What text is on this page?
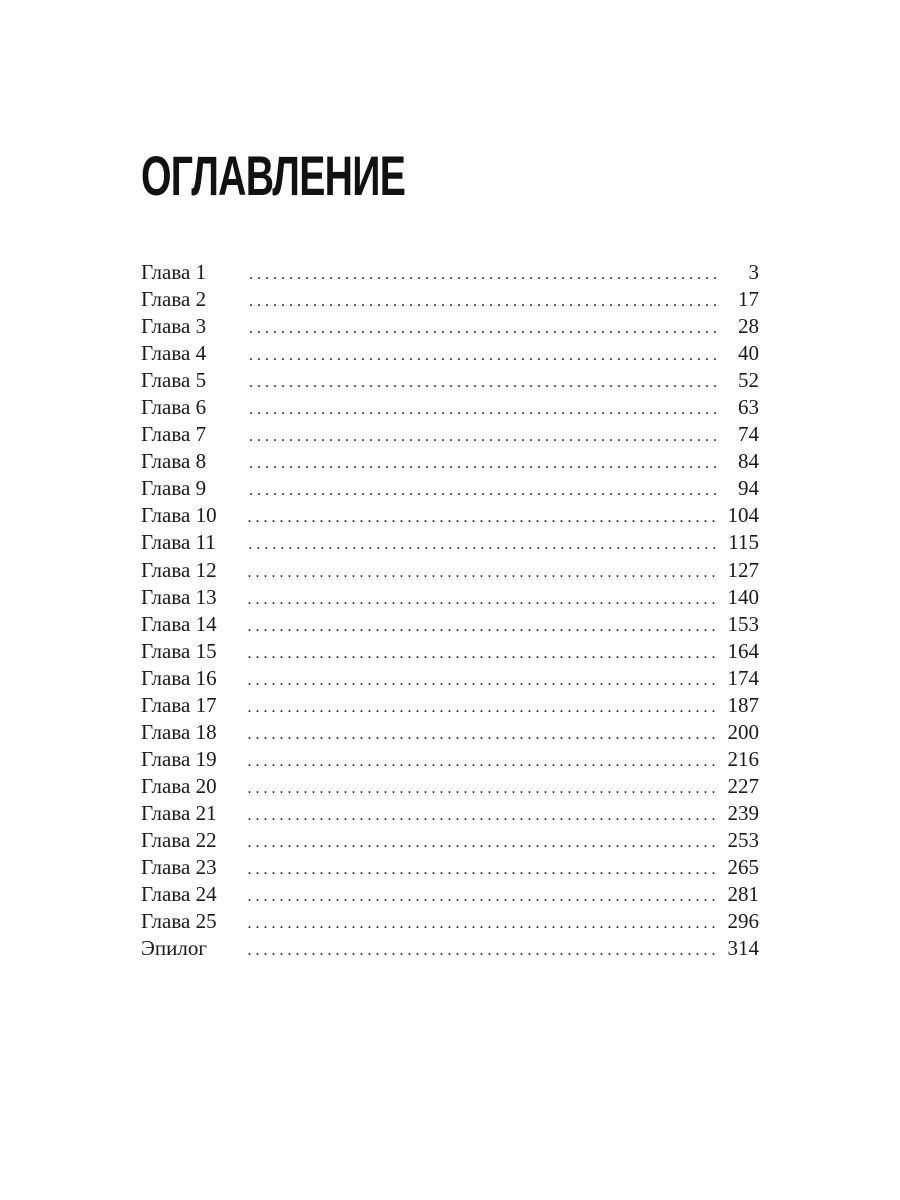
ОГЛАВЛЕНИЕ
Глава 1	. . . . . . . . . . . . . . . . . . . . . . . . . . . . . . . . . . . . . . . . . . . . . . . . . . . . . . . . . . .	3
Глава 2	. . . . . . . . . . . . . . . . . . . . . . . . . . . . . . . . . . . . . . . . . . . . . . . . . . . . . . . . . . .	17
Глава 3	. . . . . . . . . . . . . . . . . . . . . . . . . . . . . . . . . . . . . . . . . . . . . . . . . . . . . . . . . . .	28
Глава 4	. . . . . . . . . . . . . . . . . . . . . . . . . . . . . . . . . . . . . . . . . . . . . . . . . . . . . . . . . . .	40
Глава 5	. . . . . . . . . . . . . . . . . . . . . . . . . . . . . . . . . . . . . . . . . . . . . . . . . . . . . . . . . . .	52
Глава 6	. . . . . . . . . . . . . . . . . . . . . . . . . . . . . . . . . . . . . . . . . . . . . . . . . . . . . . . . . . .	63
Глава 7	. . . . . . . . . . . . . . . . . . . . . . . . . . . . . . . . . . . . . . . . . . . . . . . . . . . . . . . . . . .	74
Глава 8	. . . . . . . . . . . . . . . . . . . . . . . . . . . . . . . . . . . . . . . . . . . . . . . . . . . . . . . . . . .	84
Глава 9	. . . . . . . . . . . . . . . . . . . . . . . . . . . . . . . . . . . . . . . . . . . . . . . . . . . . . . . . . . .	94
Глава 10	. . . . . . . . . . . . . . . . . . . . . . . . . . . . . . . . . . . . . . . . . . . . . . . . . . . . . . . . . . . 104
Глава 11	. . . . . . . . . . . . . . . . . . . . . . . . . . . . . . . . . . . . . . . . . . . . . . . . . . . . . . . . . . . 115
Глава 12	. . . . . . . . . . . . . . . . . . . . . . . . . . . . . . . . . . . . . . . . . . . . . . . . . . . . . . . . . . . 127
Глава 13	. . . . . . . . . . . . . . . . . . . . . . . . . . . . . . . . . . . . . . . . . . . . . . . . . . . . . . . . . . . 140
Глава 14	. . . . . . . . . . . . . . . . . . . . . . . . . . . . . . . . . . . . . . . . . . . . . . . . . . . . . . . . . . . 153
Глава 15	. . . . . . . . . . . . . . . . . . . . . . . . . . . . . . . . . . . . . . . . . . . . . . . . . . . . . . . . . . . 164
Глава 16	. . . . . . . . . . . . . . . . . . . . . . . . . . . . . . . . . . . . . . . . . . . . . . . . . . . . . . . . . . . 174
Глава 17	. . . . . . . . . . . . . . . . . . . . . . . . . . . . . . . . . . . . . . . . . . . . . . . . . . . . . . . . . . . 187
Глава 18	. . . . . . . . . . . . . . . . . . . . . . . . . . . . . . . . . . . . . . . . . . . . . . . . . . . . . . . . . . . 200
Глава 19	. . . . . . . . . . . . . . . . . . . . . . . . . . . . . . . . . . . . . . . . . . . . . . . . . . . . . . . . . . . 216
Глава 20	. . . . . . . . . . . . . . . . . . . . . . . . . . . . . . . . . . . . . . . . . . . . . . . . . . . . . . . . . . . 227
Глава 21	. . . . . . . . . . . . . . . . . . . . . . . . . . . . . . . . . . . . . . . . . . . . . . . . . . . . . . . . . . . 239
Глава 22	. . . . . . . . . . . . . . . . . . . . . . . . . . . . . . . . . . . . . . . . . . . . . . . . . . . . . . . . . . . 253
Глава 23	. . . . . . . . . . . . . . . . . . . . . . . . . . . . . . . . . . . . . . . . . . . . . . . . . . . . . . . . . . . 265
Глава 24	. . . . . . . . . . . . . . . . . . . . . . . . . . . . . . . . . . . . . . . . . . . . . . . . . . . . . . . . . . . 281
Глава 25	. . . . . . . . . . . . . . . . . . . . . . . . . . . . . . . . . . . . . . . . . . . . . . . . . . . . . . . . . . . 296
Эпилог	. . . . . . . . . . . . . . . . . . . . . . . . . . . . . . . . . . . . . . . . . . . . . . . . . . . . . . . . . . . 314
